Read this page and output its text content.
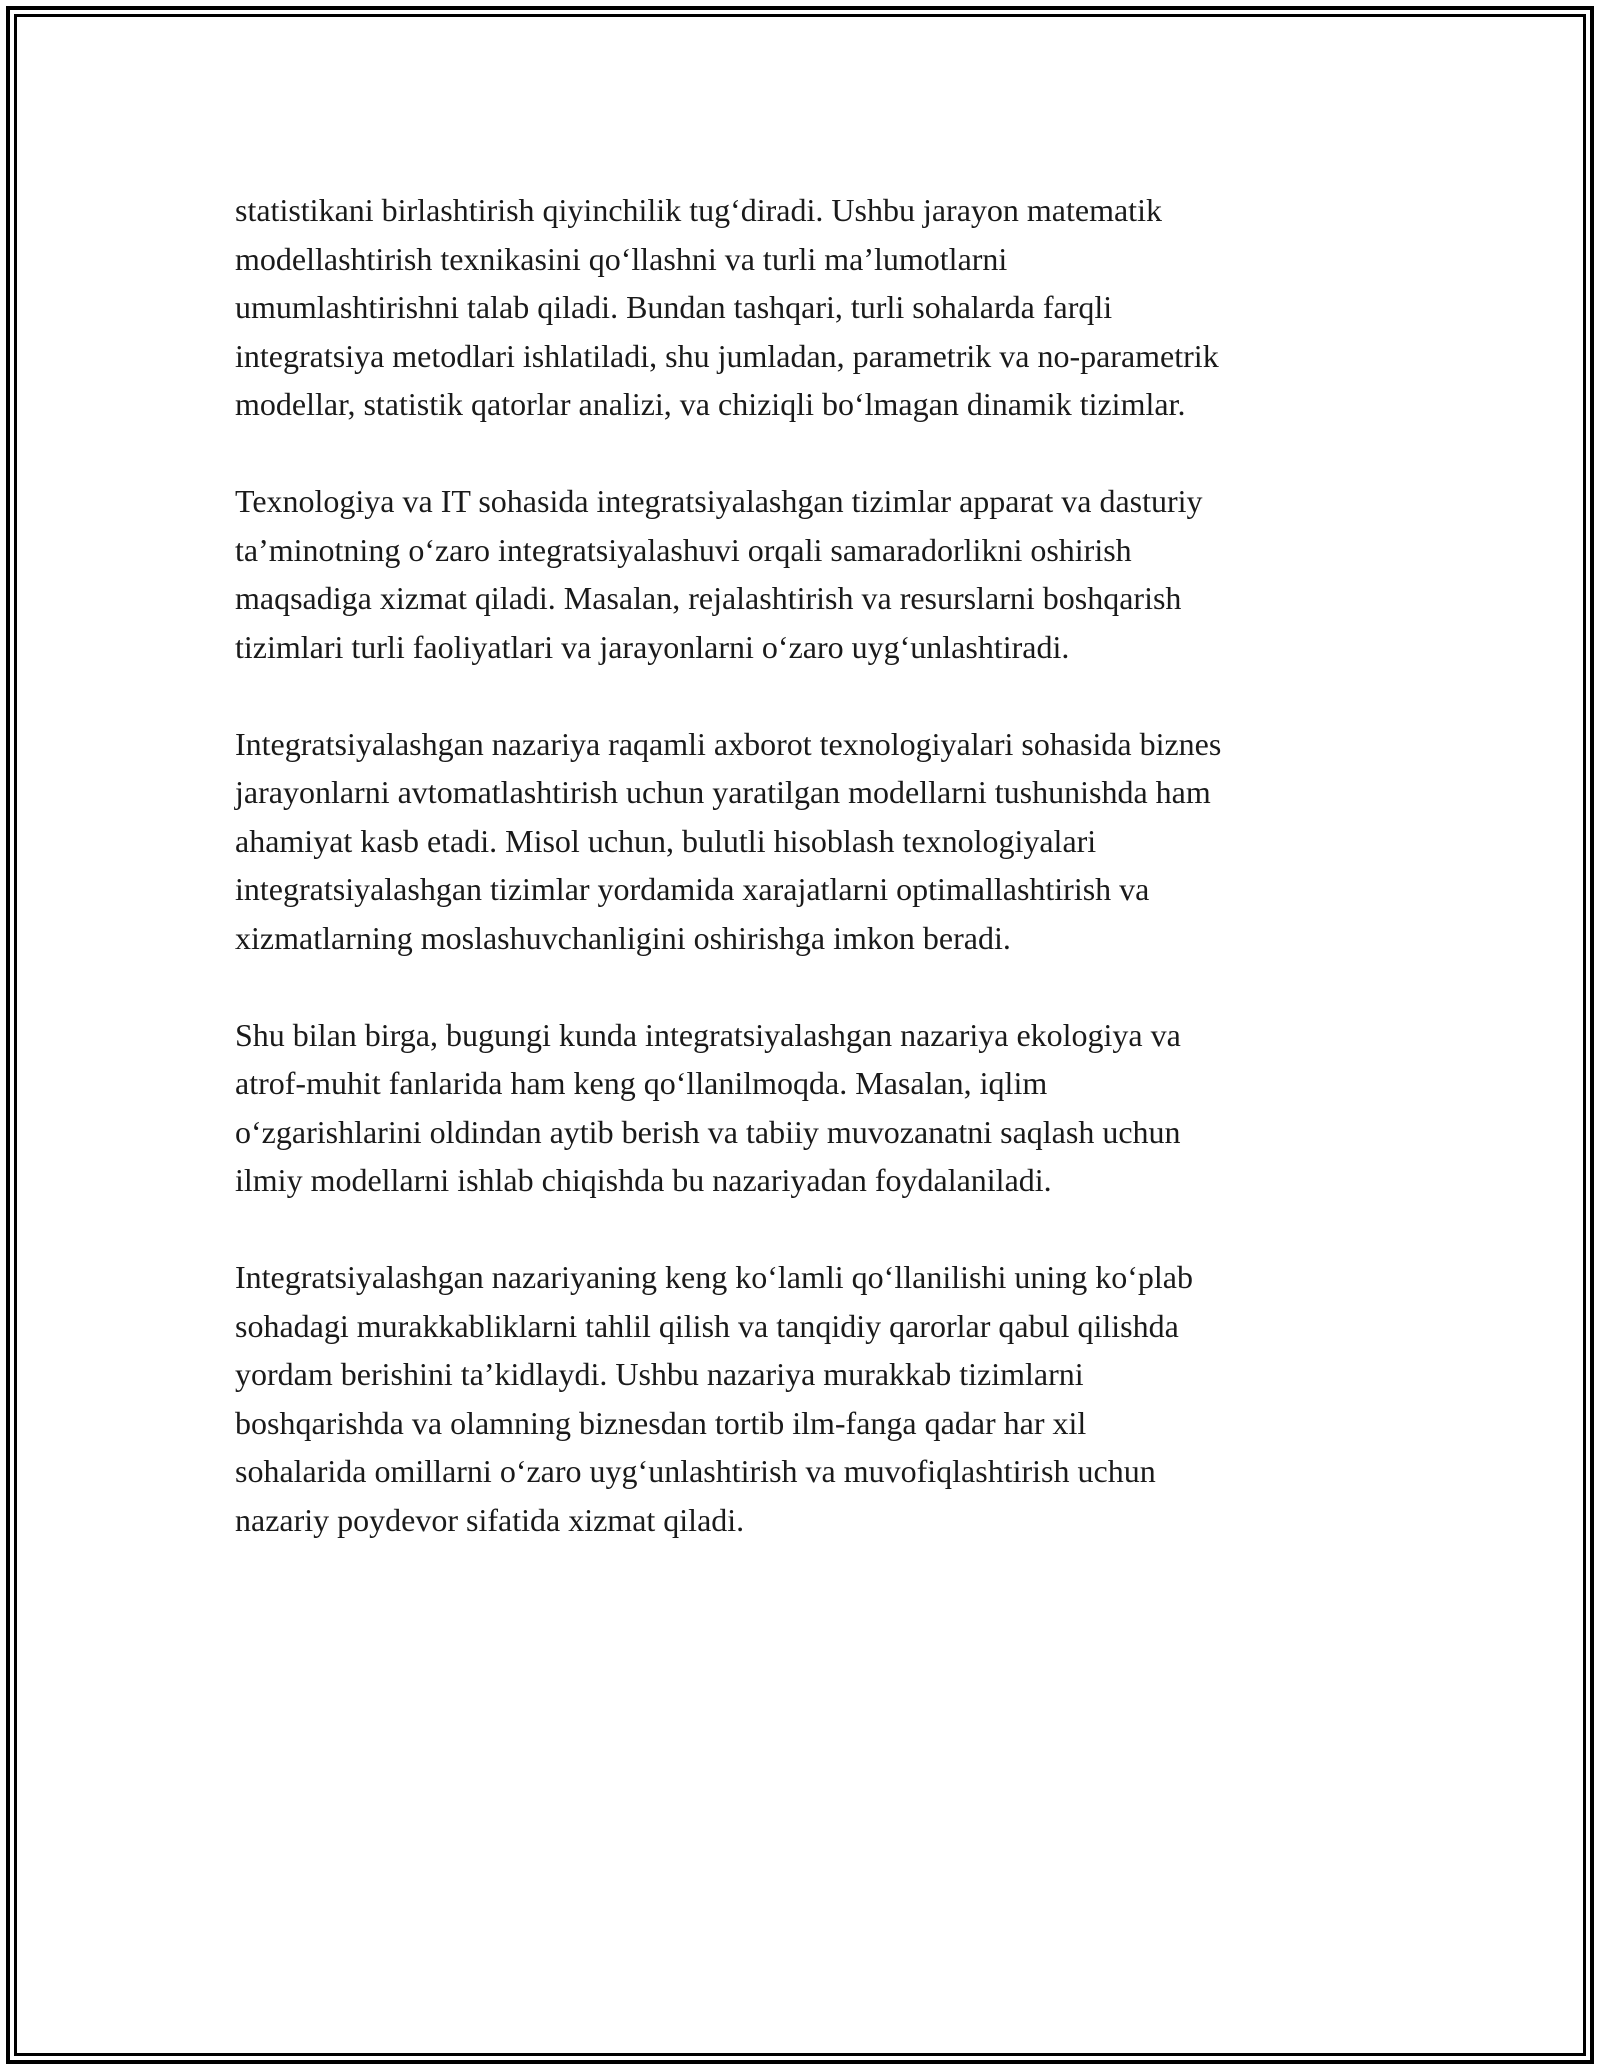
statistikani birlashtirish qiyinchilik tug‘diradi. Ushbu jarayon matematik
modellashtirish texnikasini qo‘llashni va turli ma’lumotlarni
umumlashtirishni talab qiladi. Bundan tashqari, turli sohalarda farqli
integratsiya metodlari ishlatiladi, shu jumladan, parametrik va no-parametrik
modellar, statistik qatorlar analizi, va chiziqli bo‘lmagan dinamik tizimlar.

Texnologiya va IT sohasida integratsiyalashgan tizimlar apparat va dasturiy
ta’minotning o‘zaro integratsiyalashuvi orqali samaradorlikni oshirish
maqsadiga xizmat qiladi. Masalan, rejalashtirish va resurslarni boshqarish
tizimlari turli faoliyatlari va jarayonlarni o‘zaro uyg‘unlashtiradi.

Integratsiyalashgan nazariya raqamli axborot texnologiyalari sohasida biznes
jarayonlarni avtomatlashtirish uchun yaratilgan modellarni tushunishda ham
ahamiyat kasb etadi. Misol uchun, bulutli hisoblash texnologiyalari
integratsiyalashgan tizimlar yordamida xarajatlarni optimallashtirish va
xizmatlarning moslashuvchanligini oshirishga imkon beradi.

Shu bilan birga, bugungi kunda integratsiyalashgan nazariya ekologiya va
atrof-muhit fanlarida ham keng qo‘llanilmoqda. Masalan, iqlim
o‘zgarishlarini oldindan aytib berish va tabiiy muvozanatni saqlash uchun
ilmiy modellarni ishlab chiqishda bu nazariyadan foydalaniladi.

Integratsiyalashgan nazariyaning keng ko‘lamli qo‘llanilishi uning ko‘plab
sohadagi murakkabliklarni tahlil qilish va tanqidiy qarorlar qabul qilishda
yordam berishini ta’kidlaydi. Ushbu nazariya murakkab tizimlarni
boshqarishda va olamning biznesdan tortib ilm-fanga qadar har xil
sohalarida omillarni o‘zaro uyg‘unlashtirish va muvofiqlashtirish uchun
nazariy poydevor sifatida xizmat qiladi.
